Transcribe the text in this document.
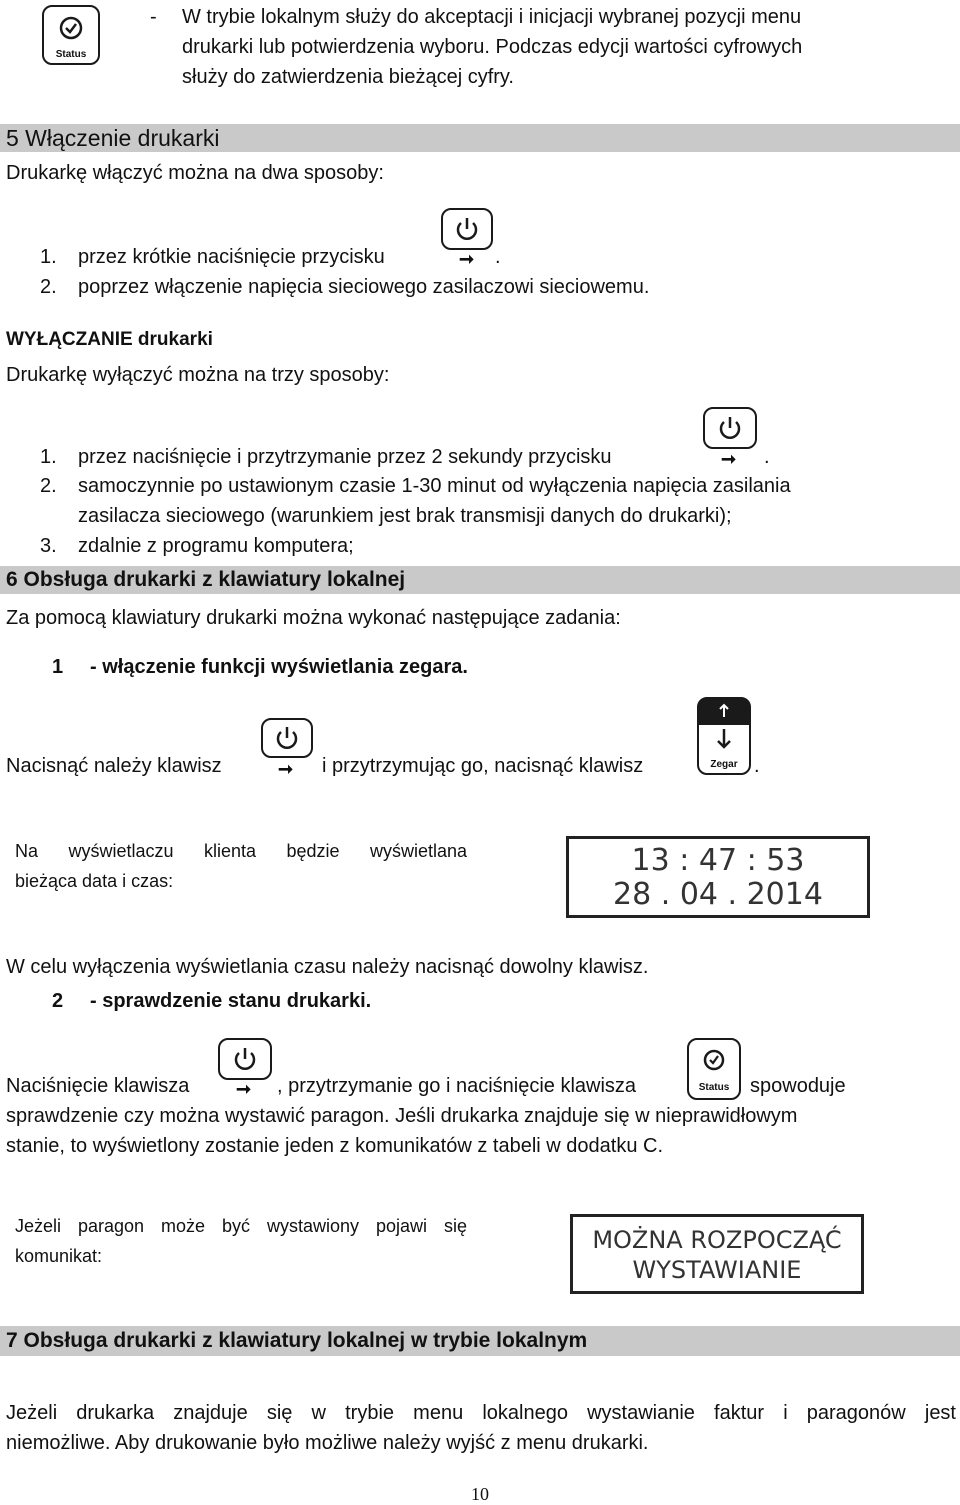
Status
- W trybie lokalnym służy do akceptacji i inicjacji wybranej pozycji menu
drukarki lub potwierdzenia wyboru. Podczas edycji wartości cyfrowych
służy do zatwierdzenia bieżącej cyfry.
5 Włączenie drukarki
Drukarkę włączyć można na dwa sposoby:
➞
1. przez krótkie naciśnięcie przycisku	.
2. poprzez włączenie napięcia sieciowego zasilaczowi sieciowemu.
WYŁĄCZANIE drukarki
Drukarkę wyłączyć można na trzy sposoby:
➞
1. przez naciśnięcie i przytrzymanie przez 2 sekundy przycisku	.
2. samoczynnie po ustawionym czasie 1-30 minut od wyłączenia napięcia zasilania
zasilacza sieciowego (warunkiem jest brak transmisji danych do drukarki);
3. zdalnie z programu komputera;
6 Obsługa drukarki z klawiatury lokalnej
Za pomocą klawiatury drukarki można wykonać następujące zadania:
1 - włączenie funkcji wyświetlania zegara.
➞	Zegar
Nacisnąć należy klawisz	i przytrzymując go, nacisnąć klawisz	.
Na wyświetlaczu klienta będzie wyświetlana
bieżąca data i czas:
13 : 47 : 53
28 . 04 . 2014
W celu wyłączenia wyświetlania czasu należy nacisnąć dowolny klawisz.
2 - sprawdzenie stanu drukarki.
➞	Status
Naciśnięcie klawisza	, przytrzymanie go i naciśnięcie klawisza	spowoduje
sprawdzenie czy można wystawić paragon. Jeśli drukarka znajduje się w nieprawidłowym
stanie, to wyświetlony zostanie jeden z komunikatów z tabeli w dodatku C.
Jeżeli paragon może być wystawiony pojawi się
komunikat:
MOŻNA ROZPOCZĄĆ
WYSTAWIANIE
7 Obsługa drukarki z klawiatury lokalnej w trybie lokalnym
Jeżeli drukarka znajduje się w trybie menu lokalnego wystawianie faktur i paragonów jest
niemożliwe. Aby drukowanie było możliwe należy wyjść z menu drukarki.
10
